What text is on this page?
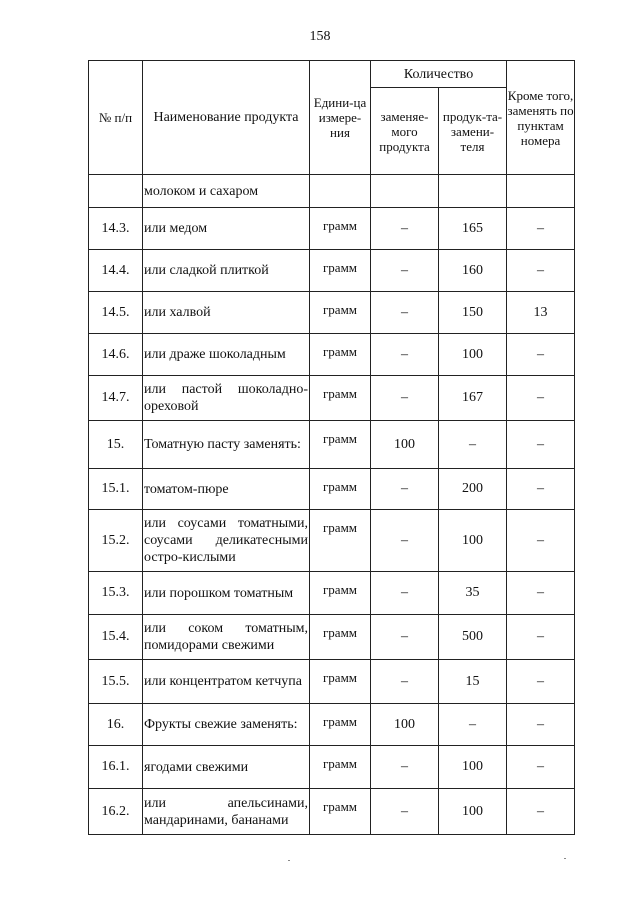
158
№ п/п	Наименование продукта	Едини-ца измере-ния	Количество		Кроме того, заменять по пунктам номера
			заменяе-мого продукта	продук-та-замени-теля	
	молоком и сахаром				
14.3.	или медом	грамм	–	165	–
14.4.	или сладкой плиткой	грамм	–	160	–
14.5.	или халвой	грамм	–	150	13
14.6.	или драже шоколадным	грамм	–	100	–
14.7.	или пастой шоколадно-ореховой	грамм	–	167	–
15.	Томатную пасту заменять:	грамм	100	–	–
15.1.	томатом-пюре	грамм	–	200	–
15.2.	или соусами томатными, соусами деликатесными остро-кислыми	грамм	–	100	–
15.3.	или порошком томатным	грамм	–	35	–
15.4.	или соком томатным, помидорами свежими	грамм	–	500	–
15.5.	или концентратом кетчупа	грамм	–	15	–
16.	Фрукты свежие заменять:	грамм	100	–	–
16.1.	ягодами свежими	грамм	–	100	–
16.2.	или апельсинами, мандаринами, бананами	грамм	–	100	–
